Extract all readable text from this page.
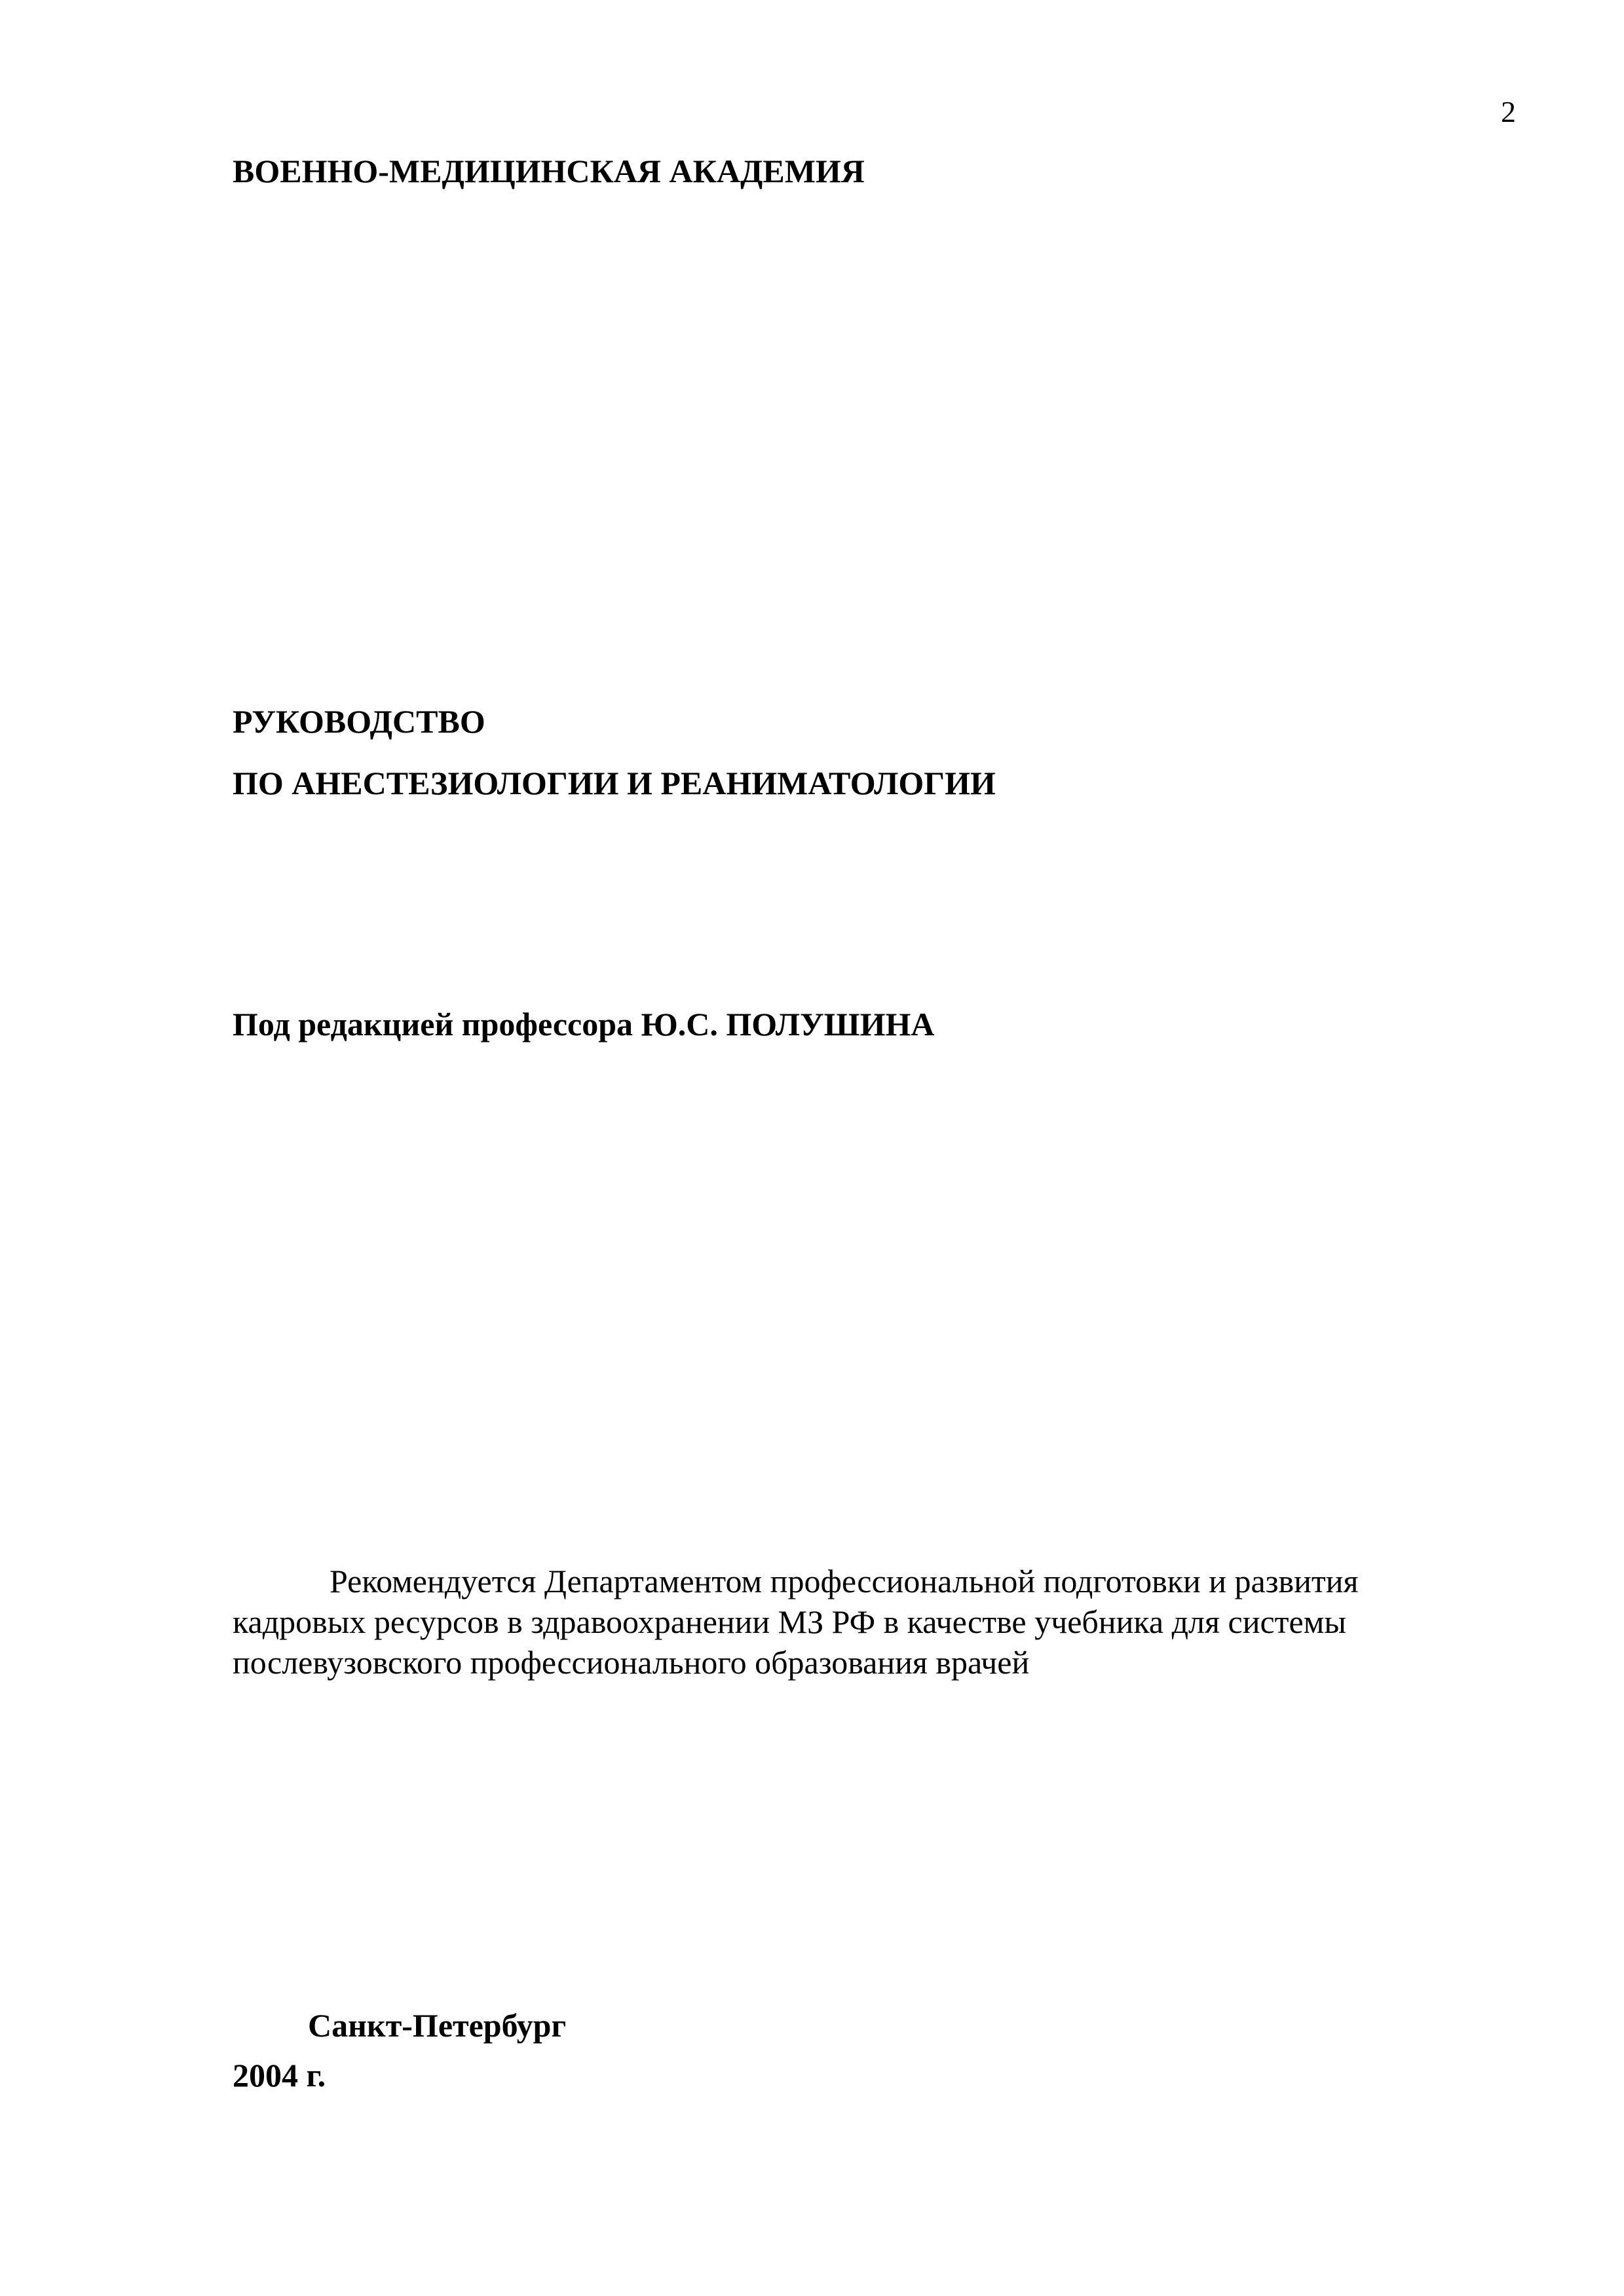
2
ВОЕННО-МЕДИЦИНСКАЯ АКАДЕМИЯ
РУКОВОДСТВО
ПО АНЕСТЕЗИОЛОГИИ И РЕАНИМАТОЛОГИИ
Под редакцией профессора Ю.С. ПОЛУШИНА
Рекомендуется Департаментом профессиональной подготовки и развития
кадровых ресурсов в здравоохранении МЗ РФ в качестве учебника для системы
послевузовского профессионального образования врачей
Санкт-Петербург
2004 г.
